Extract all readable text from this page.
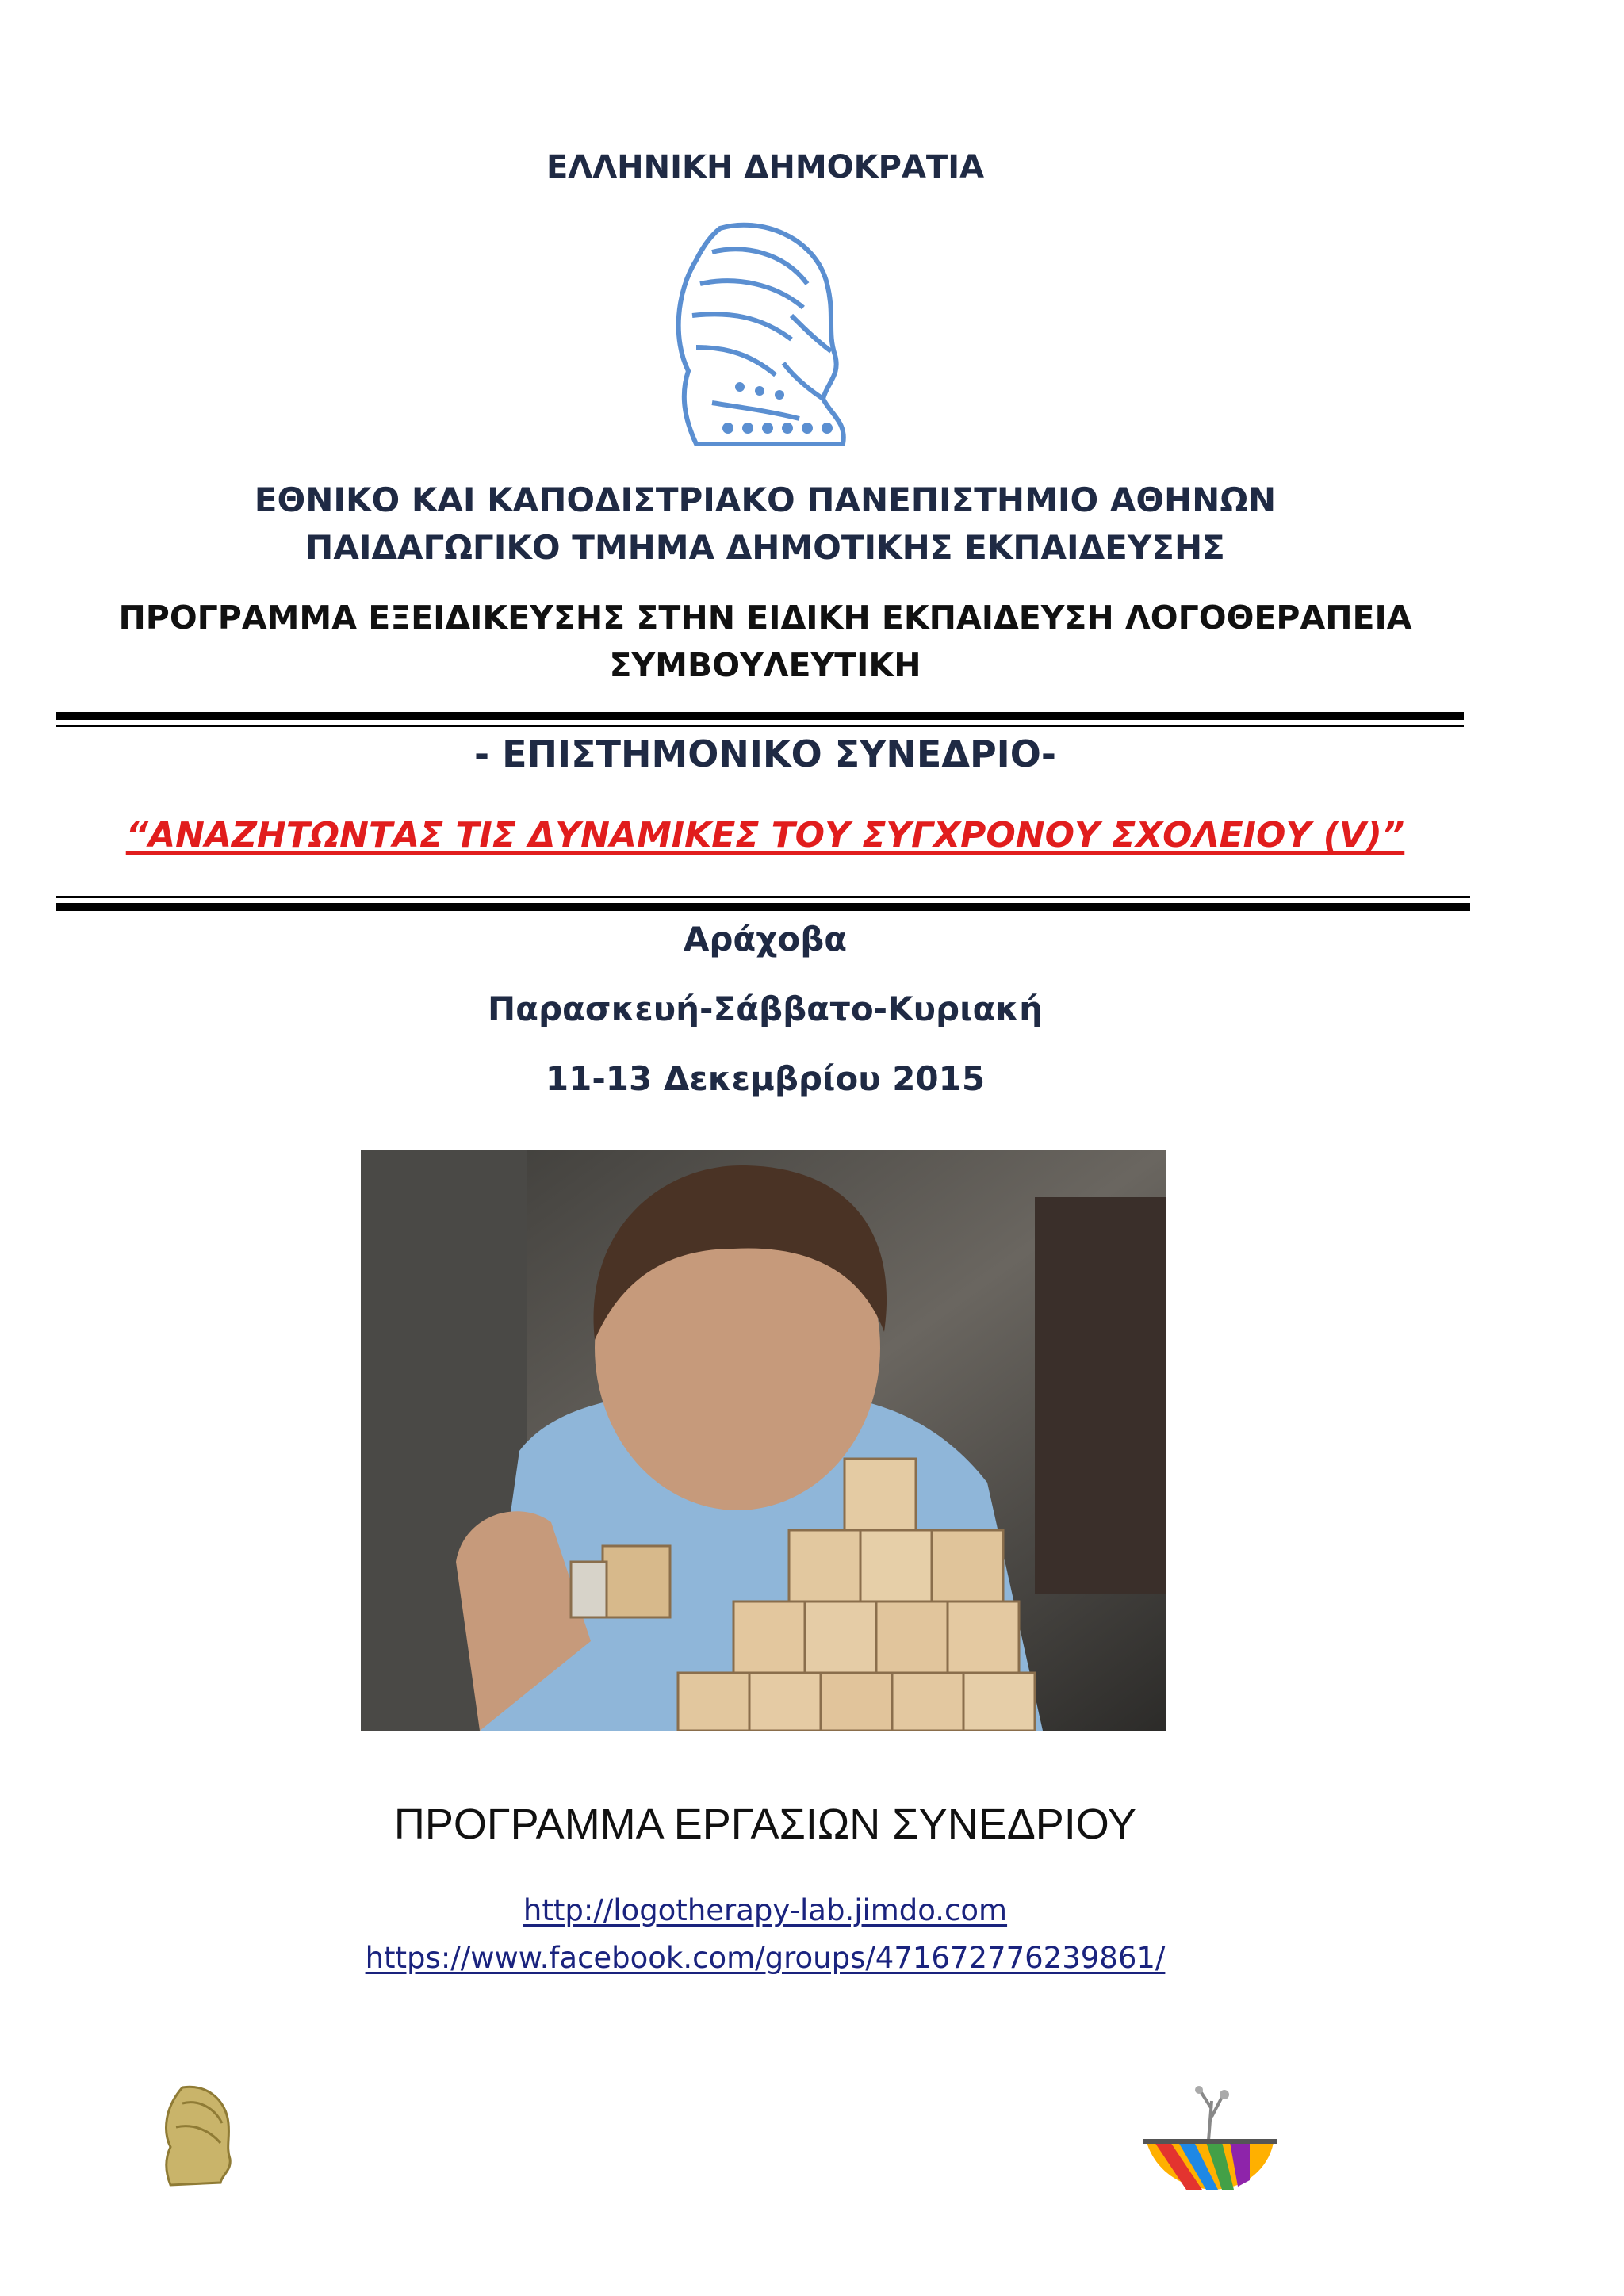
ΕΛΛΗΝΙΚΗ ΔΗΜΟΚΡΑΤΙΑ
ΕΘΝΙΚΟ ΚΑΙ ΚΑΠΟΔΙΣΤΡΙΑΚΟ ΠΑΝΕΠΙΣΤΗΜΙΟ ΑΘΗΝΩΝ
ΠΑΙΔΑΓΩΓΙΚΟ ΤΜΗΜΑ ΔΗΜΟΤΙΚΗΣ ΕΚΠΑΙΔΕΥΣΗΣ
ΠΡΟΓΡΑΜΜΑ ΕΞΕΙΔΙΚΕΥΣΗΣ ΣΤΗΝ ΕΙΔΙΚΗ ΕΚΠΑΙΔΕΥΣΗ ΛΟΓΟΘΕΡΑΠΕΙΑ
ΣΥΜΒΟΥΛΕΥΤΙΚΗ
- ΕΠΙΣΤΗΜΟΝΙΚΟ ΣΥΝΕΔΡΙΟ-
“ΑΝΑΖΗΤΩΝΤΑΣ ΤΙΣ ΔΥΝΑΜΙΚΕΣ ΤΟΥ ΣΥΓΧΡΟΝΟΥ ΣΧΟΛΕΙΟΥ (V)”
Αράχοβα
Παρασκευή-Σάββατο-Κυριακή
11-13 Δεκεμβρίου 2015
ΠΡΟΓΡΑΜΜΑ ΕΡΓΑΣΙΩΝ ΣΥΝΕΔΡΙΟΥ
http://logotherapy-lab.jimdo.com
https://www.facebook.com/groups/471672776239861/
